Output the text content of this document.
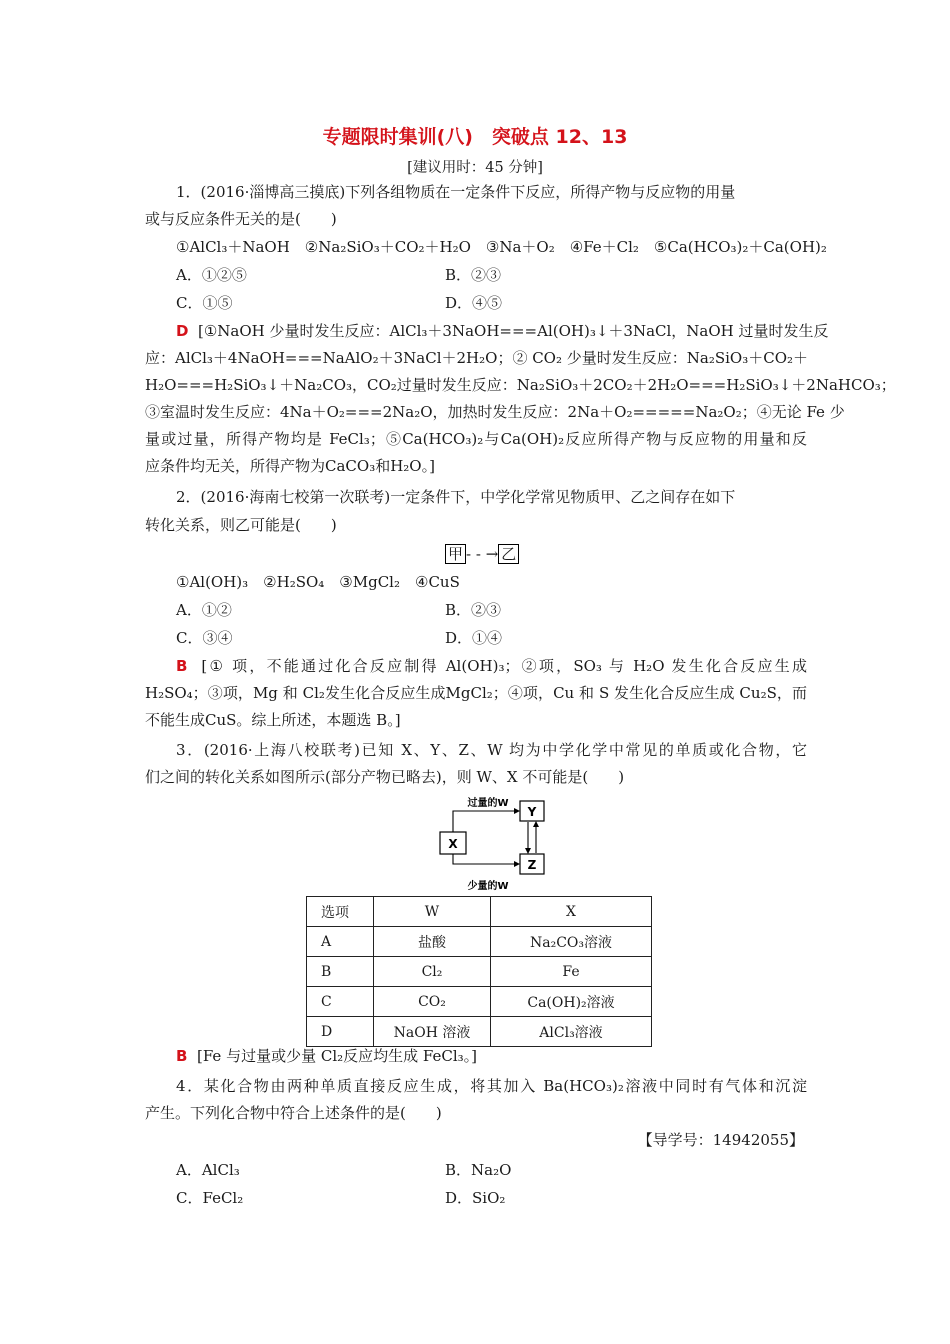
专题限时集训(八)　突破点 12、13
[建议用时：45 分钟]
1．(2016·淄博高三摸底)下列各组物质在一定条件下反应，所得产物与反应物的用量
或与反应条件无关的是(　　)
①AlCl₃＋NaOH　②Na₂SiO₃＋CO₂＋H₂O　③Na＋O₂　④Fe＋Cl₂　⑤Ca(HCO₃)₂＋Ca(OH)₂
A．①②⑤	B．②③
C．①⑤	D．④⑤
D [①NaOH 少量时发生反应：AlCl₃＋3NaOH===Al(OH)₃↓＋3NaCl，NaOH 过量时发生反
应：AlCl₃＋4NaOH===NaAlO₂＋3NaCl＋2H₂O；② CO₂ 少量时发生反应：Na₂SiO₃＋CO₂＋
H₂O===H₂SiO₃↓＋Na₂CO₃，CO₂过量时发生反应：Na₂SiO₃＋2CO₂＋2H₂O===H₂SiO₃↓＋2NaHCO₃；
③室温时发生反应：4Na＋O₂===2Na₂O，加热时发生反应：2Na＋O₂=====Na₂O₂；④无论 Fe 少
量或过量，所得产物均是 FeCl₃；⑤Ca(HCO₃)₂与Ca(OH)₂反应所得产物与反应物的用量和反
应条件均无关，所得产物为CaCO₃和H₂O。]
2．(2016·海南七校第一次联考)一定条件下，中学化学常见物质甲、乙之间存在如下
转化关系，则乙可能是(　　)
甲 - - → 乙
①Al(OH)₃　②H₂SO₄　③MgCl₂　④CuS
A．①②	B．②③
C．③④	D．①④
B [① 项，不能通过化合反应制得 Al(OH)₃；②项，SO₃ 与 H₂O 发生化合反应生成
H₂SO₄；③项，Mg 和 Cl₂发生化合反应生成MgCl₂；④项，Cu 和 S 发生化合反应生成 Cu₂S，而
不能生成CuS。综上所述，本题选 B。]
3．(2016·上海八校联考)已知 X、Y、Z、W 均为中学化学中常见的单质或化合物，它
们之间的转化关系如图所示(部分产物已略去)，则 W、X 不可能是(　　)
X
Y
Z
过量的W
少量的W
选项	W	X
A	盐酸	Na₂CO₃溶液
B	Cl₂	Fe
C	CO₂	Ca(OH)₂溶液
D	NaOH 溶液	AlCl₃溶液
B [Fe 与过量或少量 Cl₂反应均生成 FeCl₃。]
4．某化合物由两种单质直接反应生成，将其加入 Ba(HCO₃)₂溶液中同时有气体和沉淀
产生。下列化合物中符合上述条件的是(　　)
【导学号：14942055】
A．AlCl₃	B．Na₂O
C．FeCl₂	D．SiO₂
